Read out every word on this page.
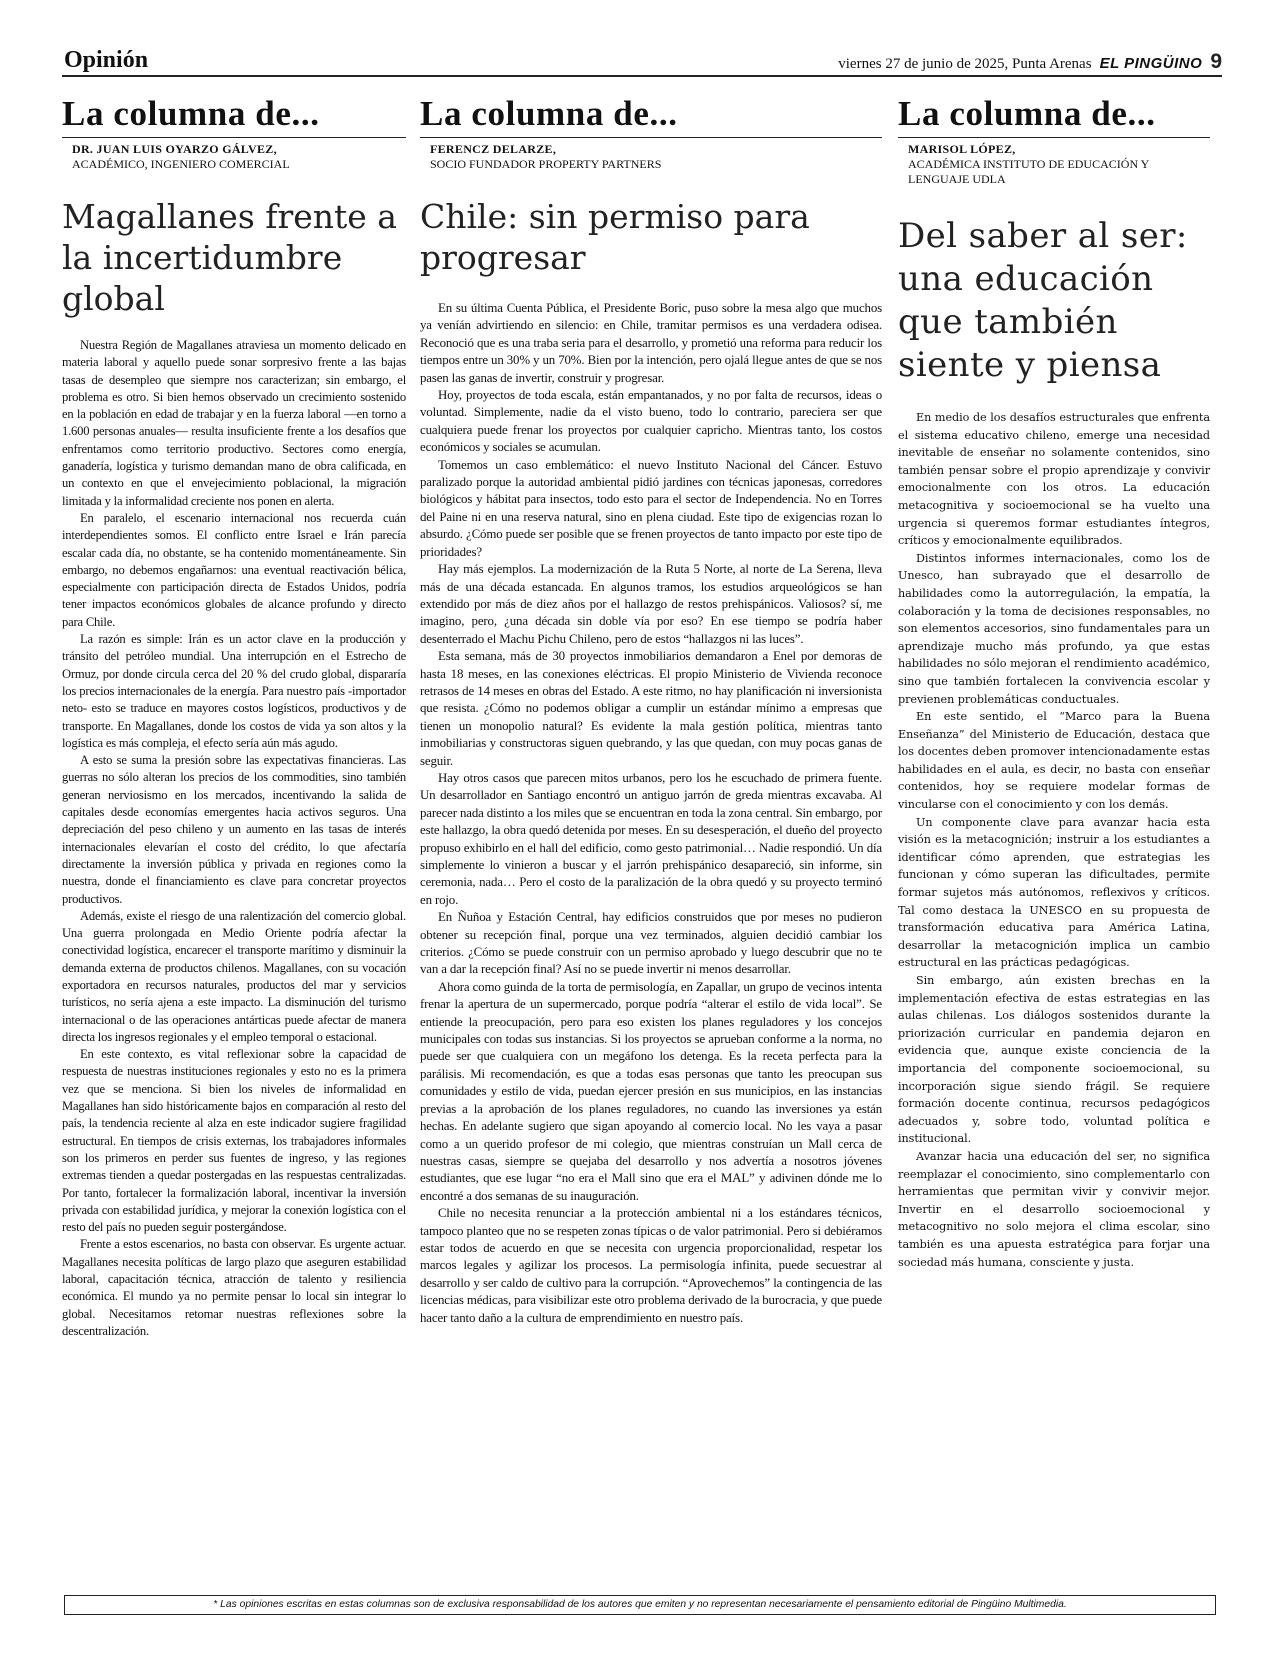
Opinión	viernes 27 de junio de 2025, Punta Arenas EL PINGÜINO 9
La columna de...
DR. JUAN LUIS OYARZO GÁLVEZ,
ACADÉMICO, INGENIERO COMERCIAL
Magallanes frente a la incertidumbre global

Nuestra Región de Magallanes atraviesa un momento delicado en materia laboral y aquello puede sonar sorpresivo frente a las bajas tasas de desempleo que siempre nos caracterizan; sin embargo, el problema es otro. Si bien hemos observado un crecimiento sostenido en la población en edad de trabajar y en la fuerza laboral —en torno a 1.600 personas anuales— resulta insuficiente frente a los desafíos que enfrentamos como territorio productivo. Sectores como energía, ganadería, logística y turismo demandan mano de obra calificada, en un contexto en que el envejecimiento poblacional, la migración limitada y la informalidad creciente nos ponen en alerta.

En paralelo, el escenario internacional nos recuerda cuán interdependientes somos. El conflicto entre Israel e Irán parecía escalar cada día, no obstante, se ha contenido momentáneamente. Sin embargo, no debemos engañarnos: una eventual reactivación bélica, especialmente con participación directa de Estados Unidos, podría tener impactos económicos globales de alcance profundo y directo para Chile.

La razón es simple: Irán es un actor clave en la producción y tránsito del petróleo mundial. Una interrupción en el Estrecho de Ormuz, por donde circula cerca del 20 % del crudo global, dispararía los precios internacionales de la energía. Para nuestro país -importador neto- esto se traduce en mayores costos logísticos, productivos y de transporte. En Magallanes, donde los costos de vida ya son altos y la logística es más compleja, el efecto sería aún más agudo.

A esto se suma la presión sobre las expectativas financieras. Las guerras no sólo alteran los precios de los commodities, sino también generan nerviosismo en los mercados, incentivando la salida de capitales desde economías emergentes hacia activos seguros. Una depreciación del peso chileno y un aumento en las tasas de interés internacionales elevarían el costo del crédito, lo que afectaría directamente la inversión pública y privada en regiones como la nuestra, donde el financiamiento es clave para concretar proyectos productivos.

Además, existe el riesgo de una ralentización del comercio global. Una guerra prolongada en Medio Oriente podría afectar la conectividad logística, encarecer el transporte marítimo y disminuir la demanda externa de productos chilenos. Magallanes, con su vocación exportadora en recursos naturales, productos del mar y servicios turísticos, no sería ajena a este impacto. La disminución del turismo internacional o de las operaciones antárticas puede afectar de manera directa los ingresos regionales y el empleo temporal o estacional.

En este contexto, es vital reflexionar sobre la capacidad de respuesta de nuestras instituciones regionales y esto no es la primera vez que se menciona. Si bien los niveles de informalidad en Magallanes han sido históricamente bajos en comparación al resto del país, la tendencia reciente al alza en este indicador sugiere fragilidad estructural. En tiempos de crisis externas, los trabajadores informales son los primeros en perder sus fuentes de ingreso, y las regiones extremas tienden a quedar postergadas en las respuestas centralizadas. Por tanto, fortalecer la formalización laboral, incentivar la inversión privada con estabilidad jurídica, y mejorar la conexión logística con el resto del país no pueden seguir postergándose.

Frente a estos escenarios, no basta con observar. Es urgente actuar. Magallanes necesita políticas de largo plazo que aseguren estabilidad laboral, capacitación técnica, atracción de talento y resiliencia económica. El mundo ya no permite pensar lo local sin integrar lo global. Necesitamos retomar nuestras reflexiones sobre la descentralización.

La columna de...
FERENCZ DELARZE,
SOCIO FUNDADOR PROPERTY PARTNERS
Chile: sin permiso para progresar

En su última Cuenta Pública, el Presidente Boric, puso sobre la mesa algo que muchos ya veníán advirtiendo en silencio: en Chile, tramitar permisos es una verdadera odisea. Reconoció que es una traba seria para el desarrollo, y prometió una reforma para reducir los tiempos entre un 30% y un 70%. Bien por la intención, pero ojalá llegue antes de que se nos pasen las ganas de invertir, construir y progresar.

Hoy, proyectos de toda escala, están empantanados, y no por falta de recursos, ideas o voluntad. Simplemente, nadie da el visto bueno, todo lo contrario, pareciera ser que cualquiera puede frenar los proyectos por cualquier capricho. Mientras tanto, los costos económicos y sociales se acumulan.

Tomemos un caso emblemático: el nuevo Instituto Nacional del Cáncer. Estuvo paralizado porque la autoridad ambiental pidió jardines con técnicas japonesas, corredores biológicos y hábitat para insectos, todo esto para el sector de Independencia. No en Torres del Paine ni en una reserva natural, sino en plena ciudad. Este tipo de exigencias rozan lo absurdo. ¿Cómo puede ser posible que se frenen proyectos de tanto impacto por este tipo de prioridades?

Hay más ejemplos. La modernización de la Ruta 5 Norte, al norte de La Serena, lleva más de una década estancada. En algunos tramos, los estudios arqueológicos se han extendido por más de diez años por el hallazgo de restos prehispánicos. Valiosos? sí, me imagino, pero, ¿una década sin doble vía por eso? En ese tiempo se podría haber desenterrado el Machu Pichu Chileno, pero de estos “hallazgos ni las luces”.

Esta semana, más de 30 proyectos inmobiliarios demandaron a Enel por demoras de hasta 18 meses, en las conexiones eléctricas. El propio Ministerio de Vivienda reconoce retrasos de 14 meses en obras del Estado. A este ritmo, no hay planificación ni inversionista que resista. ¿Cómo no podemos obligar a cumplir un estándar mínimo a empresas que tienen un monopolio natural? Es evidente la mala gestión política, mientras tanto inmobiliarias y constructoras siguen quebrando, y las que quedan, con muy pocas ganas de seguir.

Hay otros casos que parecen mitos urbanos, pero los he escuchado de primera fuente. Un desarrollador en Santiago encontró un antiguo jarrón de greda mientras excavaba. Al parecer nada distinto a los miles que se encuentran en toda la zona central. Sin embargo, por este hallazgo, la obra quedó detenida por meses. En su desesperación, el dueño del proyecto propuso exhibirlo en el hall del edificio, como gesto patrimonial… Nadie respondió. Un día simplemente lo vinieron a buscar y el jarrón prehispánico desapareció, sin informe, sin ceremonia, nada… Pero el costo de la paralización de la obra quedó y su proyecto terminó en rojo.

En Ñuñoa y Estación Central, hay edificios construidos que por meses no pudieron obtener su recepción final, porque una vez terminados, alguien decidió cambiar los criterios. ¿Cómo se puede construir con un permiso aprobado y luego descubrir que no te van a dar la recepción final? Así no se puede invertir ni menos desarrollar.

Ahora como guinda de la torta de permisología, en Zapallar, un grupo de vecinos intenta frenar la apertura de un supermercado, porque podría “alterar el estilo de vida local”. Se entiende la preocupación, pero para eso existen los planes reguladores y los concejos municipales con todas sus instancias. Si los proyectos se aprueban conforme a la norma, no puede ser que cualquiera con un megáfono los detenga. Es la receta perfecta para la parálisis. Mi recomendación, es que a todas esas personas que tanto les preocupan sus comunidades y estilo de vida, puedan ejercer presión en sus municipios, en las instancias previas a la aprobación de los planes reguladores, no cuando las inversiones ya están hechas. En adelante sugiero que sigan apoyando al comercio local. No les vaya a pasar como a un querido profesor de mi colegio, que mientras construían un Mall cerca de nuestras casas, siempre se quejaba del desarrollo y nos advertía a nosotros jóvenes estudiantes, que ese lugar “no era el Mall sino que era el MAL” y adivinen dónde me lo encontré a dos semanas de su inauguración.

Chile no necesita renunciar a la protección ambiental ni a los estándares técnicos, tampoco planteo que no se respeten zonas típicas o de valor patrimonial. Pero si debiéramos estar todos de acuerdo en que se necesita con urgencia proporcionalidad, respetar los marcos legales y agilizar los procesos. La permisología infinita, puede secuestrar al desarrollo y ser caldo de cultivo para la corrupción. “Aprovechemos” la contingencia de las licencias médicas, para visibilizar este otro problema derivado de la burocracia, y que puede hacer tanto daño a la cultura de emprendimiento en nuestro país.

La columna de...
MARISOL LÓPEZ,
ACADÉMICA INSTITUTO DE EDUCACIÓN Y LENGUAJE UDLA
Del saber al ser: una educación que también siente y piensa

En medio de los desafíos estructurales que enfrenta el sistema educativo chileno, emerge una necesidad inevitable de enseñar no solamente contenidos, sino también pensar sobre el propio aprendizaje y convivir emocionalmente con los otros. La educación metacognitiva y socioemocional se ha vuelto una urgencia si queremos formar estudiantes íntegros, críticos y emocionalmente equilibrados.

Distintos informes internacionales, como los de Unesco, han subrayado que el desarrollo de habilidades como la autorregulación, la empatía, la colaboración y la toma de decisiones responsables, no son elementos accesorios, sino fundamentales para un aprendizaje mucho más profundo, ya que estas habilidades no sólo mejoran el rendimiento académico, sino que también fortalecen la convivencia escolar y previenen problemáticas conductuales.

En este sentido, el “Marco para la Buena Enseñanza” del Ministerio de Educación, destaca que los docentes deben promover intencionadamente estas habilidades en el aula, es decir, no basta con enseñar contenidos, hoy se requiere modelar formas de vincularse con el conocimiento y con los demás.

Un componente clave para avanzar hacia esta visión es la metacognición; instruir a los estudiantes a identificar cómo aprenden, que estrategias les funcionan y cómo superan las dificultades, permite formar sujetos más autónomos, reflexivos y críticos. Tal como destaca la UNESCO en su propuesta de transformación educativa para América Latina, desarrollar la metacognición implica un cambio estructural en las prácticas pedagógicas.

Sin embargo, aún existen brechas en la implementación efectiva de estas estrategias en las aulas chilenas. Los diálogos sostenidos durante la priorización curricular en pandemia dejaron en evidencia que, aunque existe conciencia de la importancia del componente socioemocional, su incorporación sigue siendo frágil. Se requiere formación docente continua, recursos pedagógicos adecuados y, sobre todo, voluntad política e institucional.

Avanzar hacia una educación del ser, no significa reemplazar el conocimiento, sino complementarlo con herramientas que permitan vivir y convivir mejor. Invertir en el desarrollo socioemocional y metacognitivo no solo mejora el clima escolar, sino también es una apuesta estratégica para forjar una sociedad más humana, consciente y justa.

* Las opiniones escritas en estas columnas son de exclusiva responsabilidad de los autores que emiten y no representan necesariamente el pensamiento editorial de Pingüino Multimedia.
